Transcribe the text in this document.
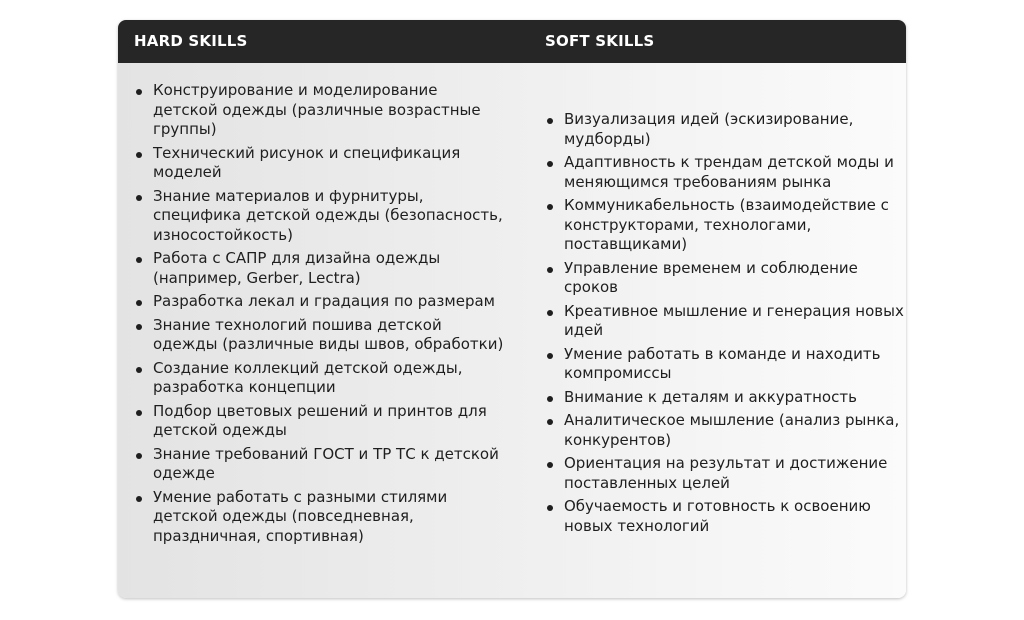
HARD SKILLS	SOFT SKILLS
Конструирование и моделирование детской одежды (различные возрастные группы)
Технический рисунок и спецификация моделей
Знание материалов и фурнитуры, специфика детской одежды (безопасность, износостойкость)
Работа с САПР для дизайна одежды (например, Gerber, Lectra)
Разработка лекал и градация по размерам
Знание технологий пошива детской одежды (различные виды швов, обработки)
Создание коллекций детской одежды, разработка концепции
Подбор цветовых решений и принтов для детской одежды
Знание требований ГОСТ и ТР ТС к детской одежде
Умение работать с разными стилями детской одежды (повседневная, праздничная, спортивная)
Визуализация идей (эскизирование, мудборды)
Адаптивность к трендам детской моды и меняющимся требованиям рынка
Коммуникабельность (взаимодействие с конструкторами, технологами, поставщиками)
Управление временем и соблюдение сроков
Креативное мышление и генерация новых идей
Умение работать в команде и находить компромиссы
Внимание к деталям и аккуратность
Аналитическое мышление (анализ рынка, конкурентов)
Ориентация на результат и достижение поставленных целей
Обучаемость и готовность к освоению новых технологий
